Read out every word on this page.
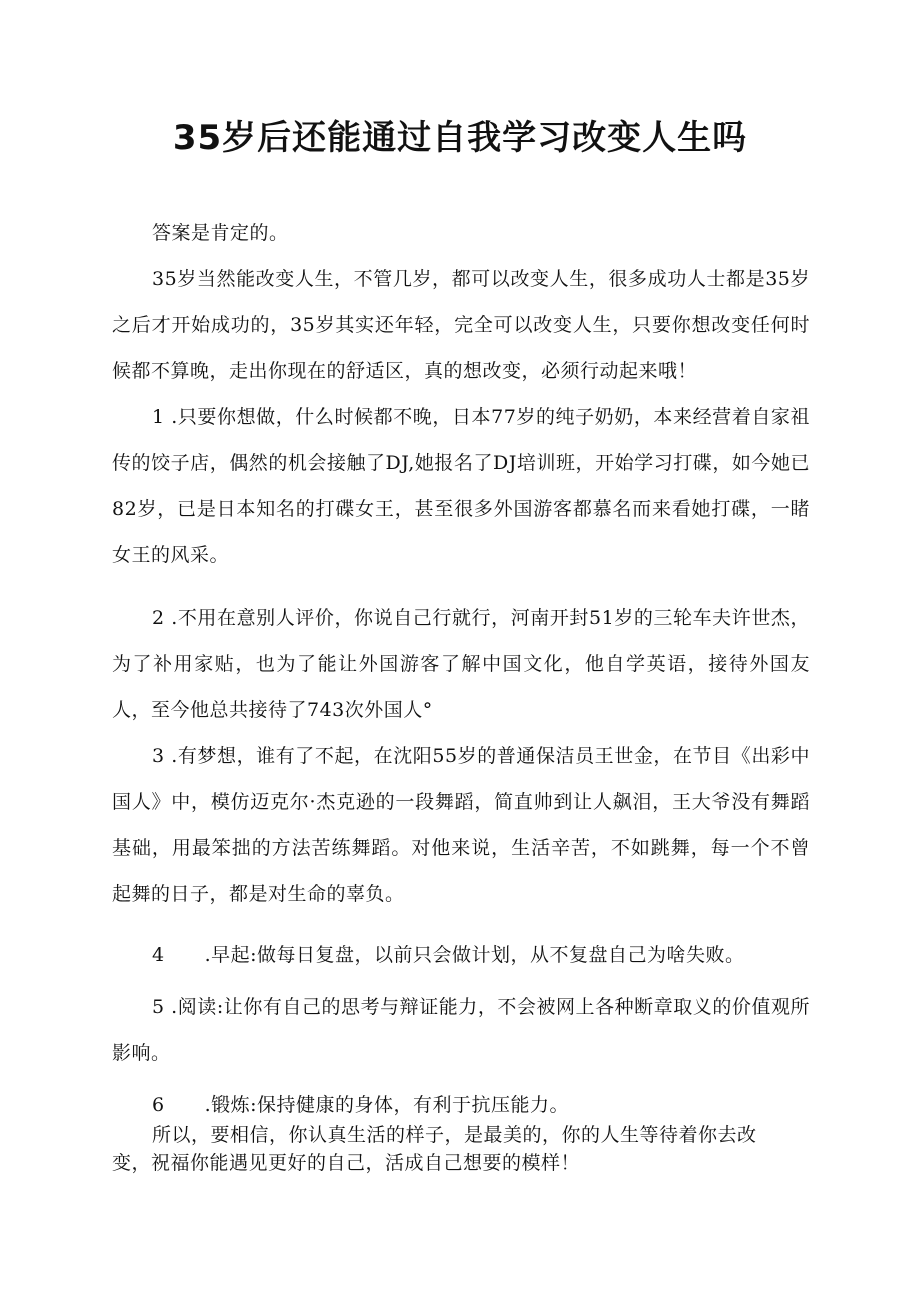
35岁后还能通过自我学习改变人生吗

答案是肯定的。

35岁当然能改变人生，不管几岁，都可以改变人生，很多成功人士都是35岁之后才开始成功的，35岁其实还年轻，完全可以改变人生，只要你想改变任何时候都不算晚，走出你现在的舒适区，真的想改变，必须行动起来哦！

1 .只要你想做，什么时候都不晚，日本77岁的纯子奶奶，本来经营着自家祖传的饺子店，偶然的机会接触了DJ,她报名了DJ培训班，开始学习打碟，如今她已82岁，已是日本知名的打碟女王，甚至很多外国游客都慕名而来看她打碟，一睹女王的风采。

2 .不用在意别人评价，你说自己行就行，河南开封51岁的三轮车夫许世杰，为了补用家贴，也为了能让外国游客了解中国文化，他自学英语，接待外国友人，至今他总共接待了743次外国人°

3 .有梦想，谁有了不起，在沈阳55岁的普通保洁员王世金，在节目《出彩中国人》中，模仿迈克尔·杰克逊的一段舞蹈，简直帅到让人飙泪，王大爷没有舞蹈基础，用最笨拙的方法苦练舞蹈。对他来说，生活辛苦，不如跳舞，每一个不曾起舞的日子，都是对生命的辜负。

4 .早起:做每日复盘，以前只会做计划，从不复盘自己为啥失败。

5 .阅读:让你有自己的思考与辩证能力，不会被网上各种断章取义的价值观所影响。

6 .锻炼:保持健康的身体，有利于抗压能力。

所以，要相信，你认真生活的样子，是最美的，你的人生等待着你去改变，祝福你能遇见更好的自己，活成自己想要的模样！
